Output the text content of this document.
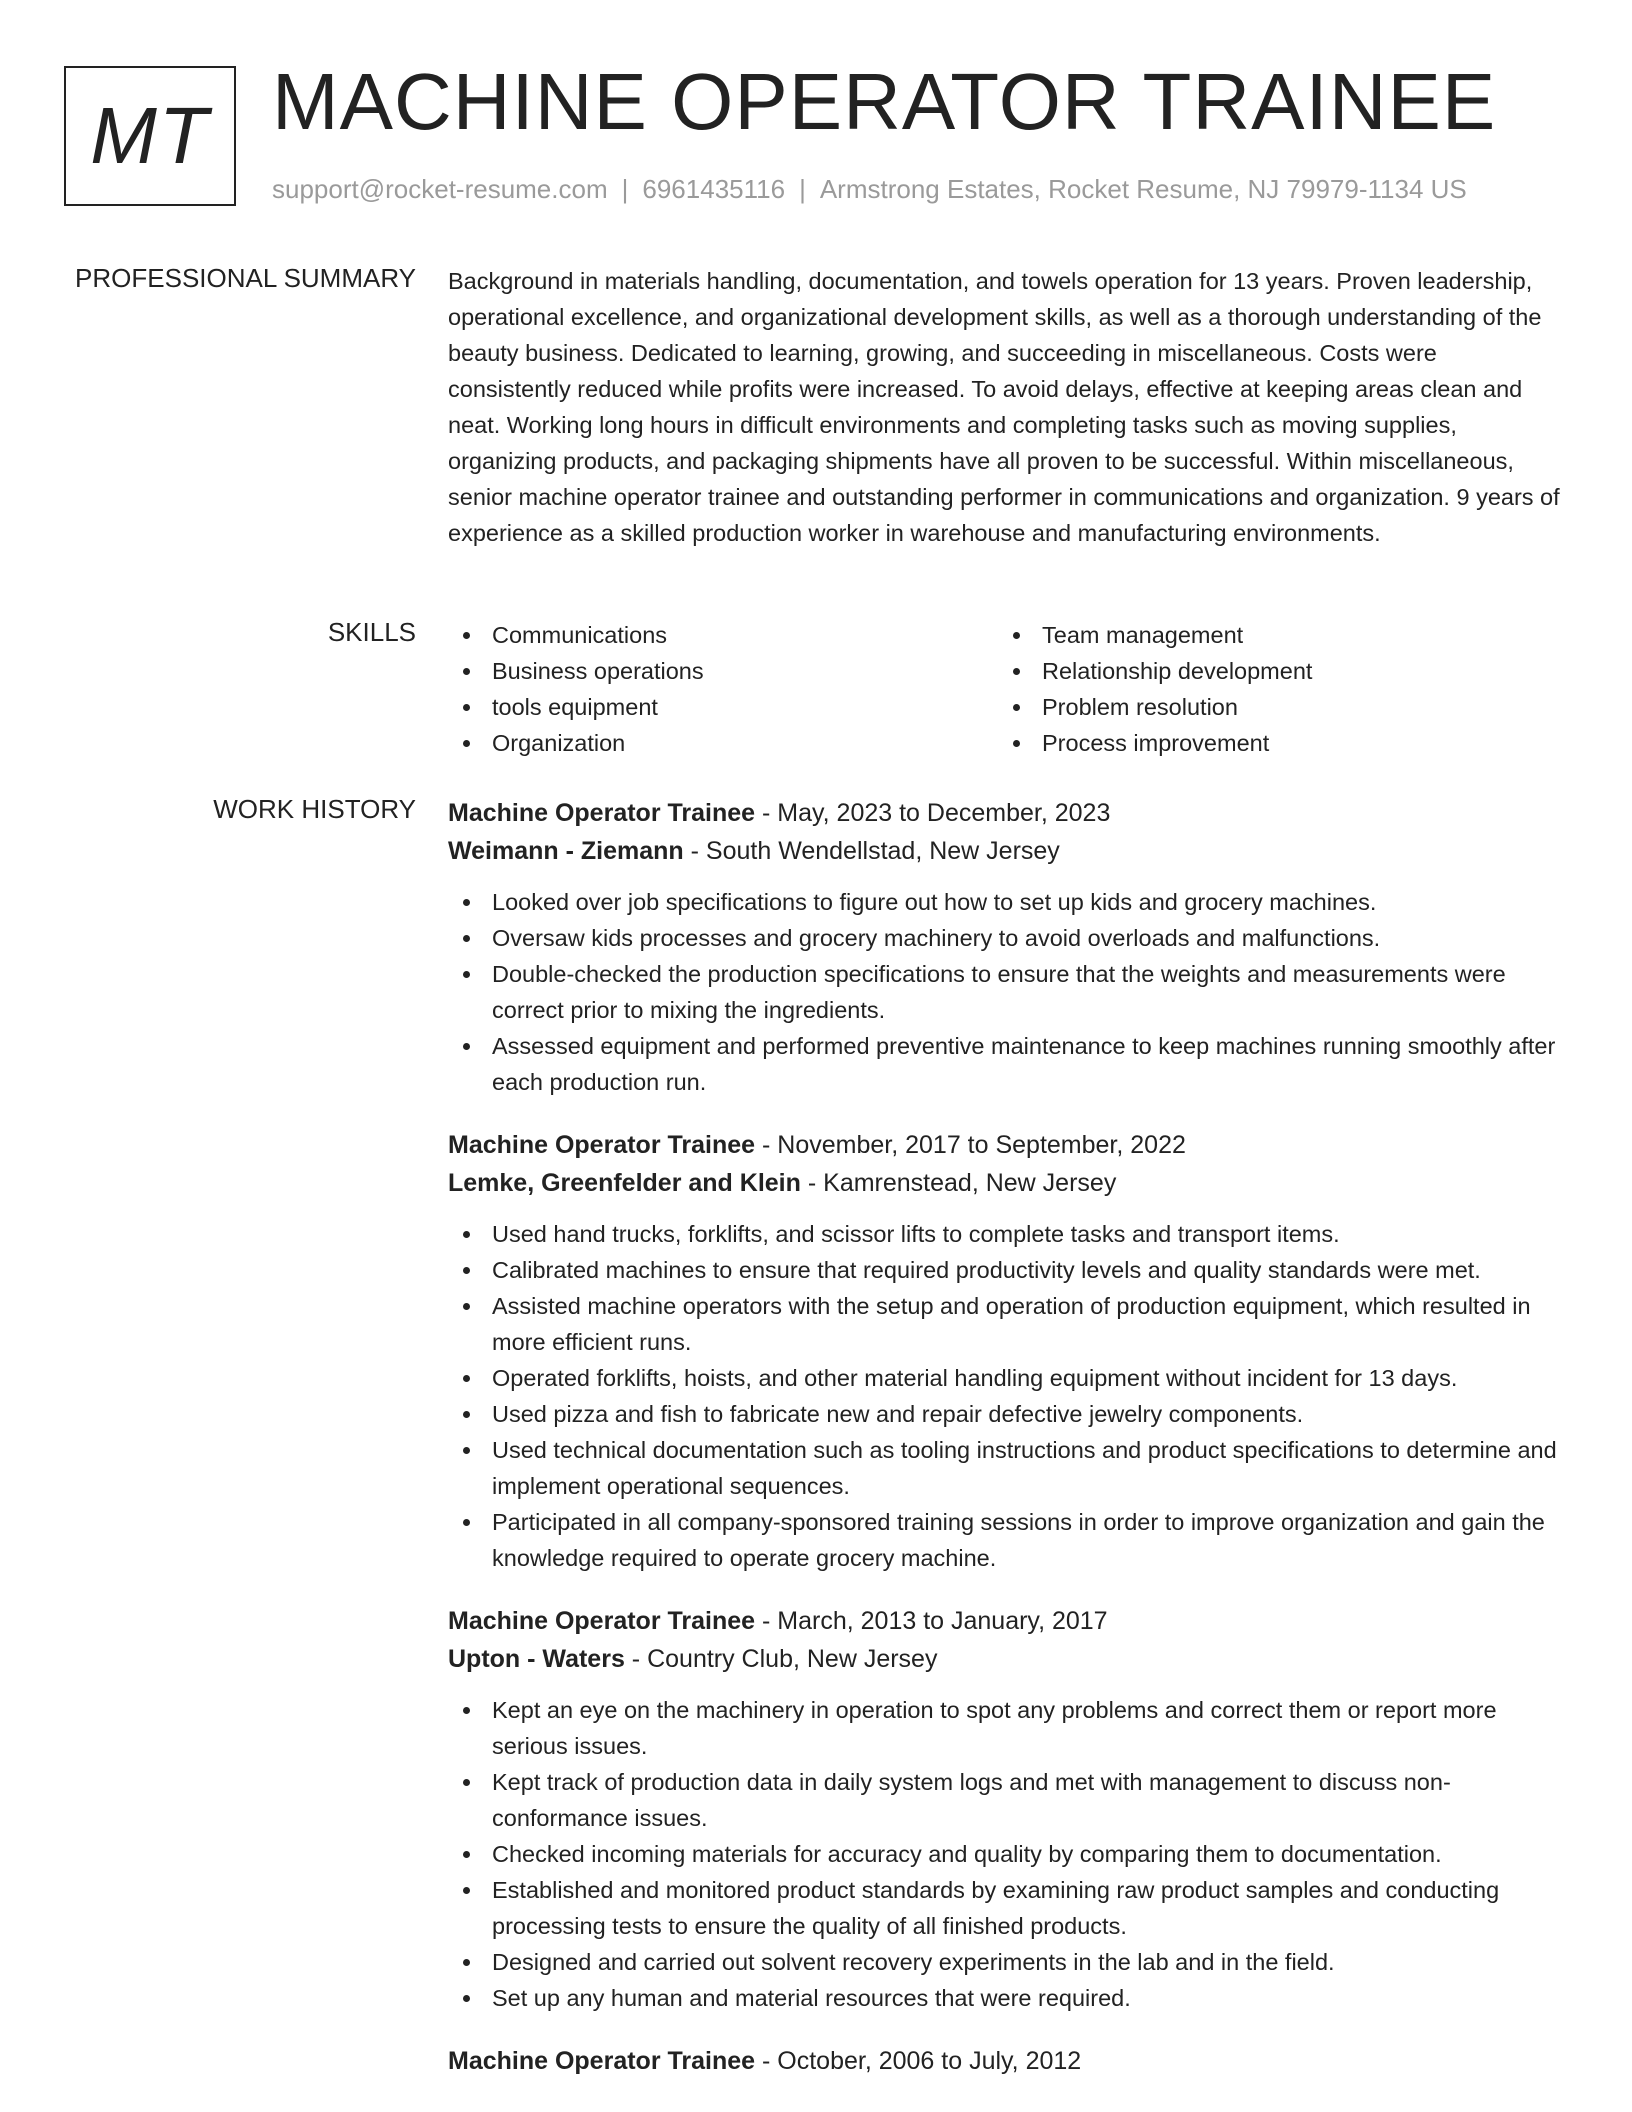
MT MACHINE OPERATOR TRAINEE
support@rocket-resume.com | 6961435116 | Armstrong Estates, Rocket Resume, NJ 79979-1134 US
PROFESSIONAL SUMMARY Background in materials handling, documentation, and towels operation for 13 years. Proven leadership, operational excellence, and organizational development skills, as well as a thorough understanding of the beauty business. Dedicated to learning, growing, and succeeding in miscellaneous. Costs were consistently reduced while profits were increased. To avoid delays, effective at keeping areas clean and neat. Working long hours in difficult environments and completing tasks such as moving supplies, organizing products, and packaging shipments have all proven to be successful. Within miscellaneous, senior machine operator trainee and outstanding performer in communications and organization. 9 years of experience as a skilled production worker in warehouse and manufacturing environments.

SKILLS	Communications
Business operations
tools equipment
Organization
Team management
Relationship development
Problem resolution
Process improvement
WORK HISTORY Machine Operator Trainee - May, 2023 to December, 2023
Weimann - Ziemann - South Wendellstad, New Jersey
Looked over job specifications to figure out how to set up kids and grocery machines.
Oversaw kids processes and grocery machinery to avoid overloads and malfunctions.
Double-checked the production specifications to ensure that the weights and measurements were correct prior to mixing the ingredients.
Assessed equipment and performed preventive maintenance to keep machines running smoothly after each production run.
Machine Operator Trainee - November, 2017 to September, 2022
Lemke, Greenfelder and Klein - Kamrenstead, New Jersey
Used hand trucks, forklifts, and scissor lifts to complete tasks and transport items.
Calibrated machines to ensure that required productivity levels and quality standards were met.
Assisted machine operators with the setup and operation of production equipment, which resulted in more efficient runs.
Operated forklifts, hoists, and other material handling equipment without incident for 13 days.
Used pizza and fish to fabricate new and repair defective jewelry components.
Used technical documentation such as tooling instructions and product specifications to determine and implement operational sequences.
Participated in all company-sponsored training sessions in order to improve organization and gain the knowledge required to operate grocery machine.
Machine Operator Trainee - March, 2013 to January, 2017
Upton - Waters - Country Club, New Jersey
Kept an eye on the machinery in operation to spot any problems and correct them or report more serious issues.
Kept track of production data in daily system logs and met with management to discuss non-conformance issues.
Checked incoming materials for accuracy and quality by comparing them to documentation.
Established and monitored product standards by examining raw product samples and conducting processing tests to ensure the quality of all finished products.
Designed and carried out solvent recovery experiments in the lab and in the field.
Set up any human and material resources that were required.
Machine Operator Trainee - October, 2006 to July, 2012
